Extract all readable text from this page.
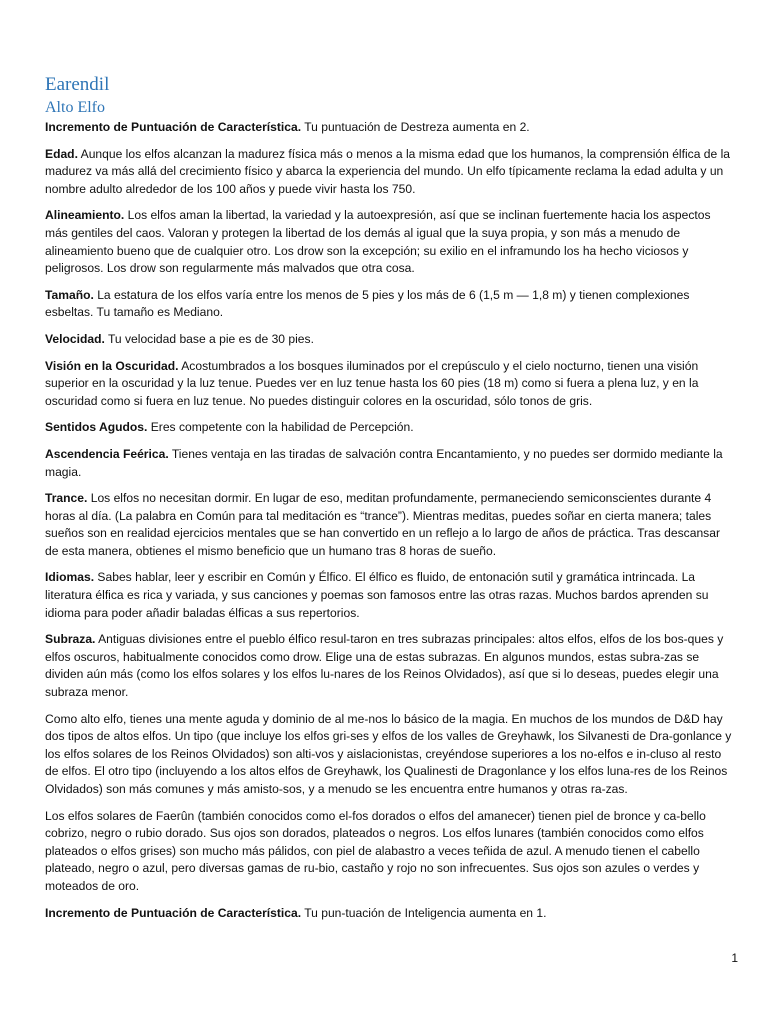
Earendil
Alto Elfo

Incremento de Puntuación de Característica. Tu puntuación de Destreza aumenta en 2.

Edad. Aunque los elfos alcanzan la madurez física más o menos a la misma edad que los humanos, la comprensión élfica de la madurez va más allá del crecimiento físico y abarca la experiencia del mundo. Un elfo típicamente reclama la edad adulta y un nombre adulto alrededor de los 100 años y puede vivir hasta los 750.

Alineamiento. Los elfos aman la libertad, la variedad y la autoexpresión, así que se inclinan fuertemente hacia los aspectos más gentiles del caos. Valoran y protegen la libertad de los demás al igual que la suya propia, y son más a menudo de alineamiento bueno que de cualquier otro. Los drow son la excepción; su exilio en el inframundo los ha hecho viciosos y peligrosos. Los drow son regularmente más malvados que otra cosa.

Tamaño. La estatura de los elfos varía entre los menos de 5 pies y los más de 6 (1,5 m — 1,8 m) y tienen complexiones esbeltas. Tu tamaño es Mediano.

Velocidad. Tu velocidad base a pie es de 30 pies.

Visión en la Oscuridad. Acostumbrados a los bosques iluminados por el crepúsculo y el cielo nocturno, tienen una visión superior en la oscuridad y la luz tenue. Puedes ver en luz tenue hasta los 60 pies (18 m) como si fuera a plena luz, y en la oscuridad como si fuera en luz tenue. No puedes distinguir colores en la oscuridad, sólo tonos de gris.

Sentidos Agudos. Eres competente con la habilidad de Percepción.

Ascendencia Feérica. Tienes ventaja en las tiradas de salvación contra Encantamiento, y no puedes ser dormido mediante la magia.

Trance. Los elfos no necesitan dormir. En lugar de eso, meditan profundamente, permaneciendo semiconscientes durante 4 horas al día. (La palabra en Común para tal meditación es “trance”). Mientras meditas, puedes soñar en cierta manera; tales sueños son en realidad ejercicios mentales que se han convertido en un reflejo a lo largo de años de práctica. Tras descansar de esta manera, obtienes el mismo beneficio que un humano tras 8 horas de sueño.

Idiomas. Sabes hablar, leer y escribir en Común y Élfico. El élfico es fluido, de entonación sutil y gramática intrincada. La literatura élfica es rica y variada, y sus canciones y poemas son famosos entre las otras razas. Muchos bardos aprenden su idioma para poder añadir baladas élficas a sus repertorios.

Subraza. Antiguas divisiones entre el pueblo élfico resul-taron en tres subrazas principales: altos elfos, elfos de los bos-ques y elfos oscuros, habitualmente conocidos como drow. Elige una de estas subrazas. En algunos mundos, estas subra-zas se dividen aún más (como los elfos solares y los elfos lu-nares de los Reinos Olvidados), así que si lo deseas, puedes elegir una subraza menor.

Como alto elfo, tienes una mente aguda y dominio de al me-nos lo básico de la magia. En muchos de los mundos de D&D hay dos tipos de altos elfos. Un tipo (que incluye los elfos gri-ses y elfos de los valles de Greyhawk, los Silvanesti de Dra-gonlance y los elfos solares de los Reinos Olvidados) son alti-vos y aislacionistas, creyéndose superiores a los no-elfos e in-cluso al resto de elfos. El otro tipo (incluyendo a los altos elfos de Greyhawk, los Qualinesti de Dragonlance y los elfos luna-res de los Reinos Olvidados) son más comunes y más amisto-sos, y a menudo se les encuentra entre humanos y otras ra-zas.

Los elfos solares de Faerûn (también conocidos como el-fos dorados o elfos del amanecer) tienen piel de bronce y ca-bello cobrizo, negro o rubio dorado. Sus ojos son dorados, plateados o negros. Los elfos lunares (también conocidos como elfos plateados o elfos grises) son mucho más pálidos, con piel de alabastro a veces teñida de azul. A menudo tienen el cabello plateado, negro o azul, pero diversas gamas de ru-bio, castaño y rojo no son infrecuentes. Sus ojos son azules o verdes y moteados de oro.

Incremento de Puntuación de Característica. Tu pun-tuación de Inteligencia aumenta en 1.

1
